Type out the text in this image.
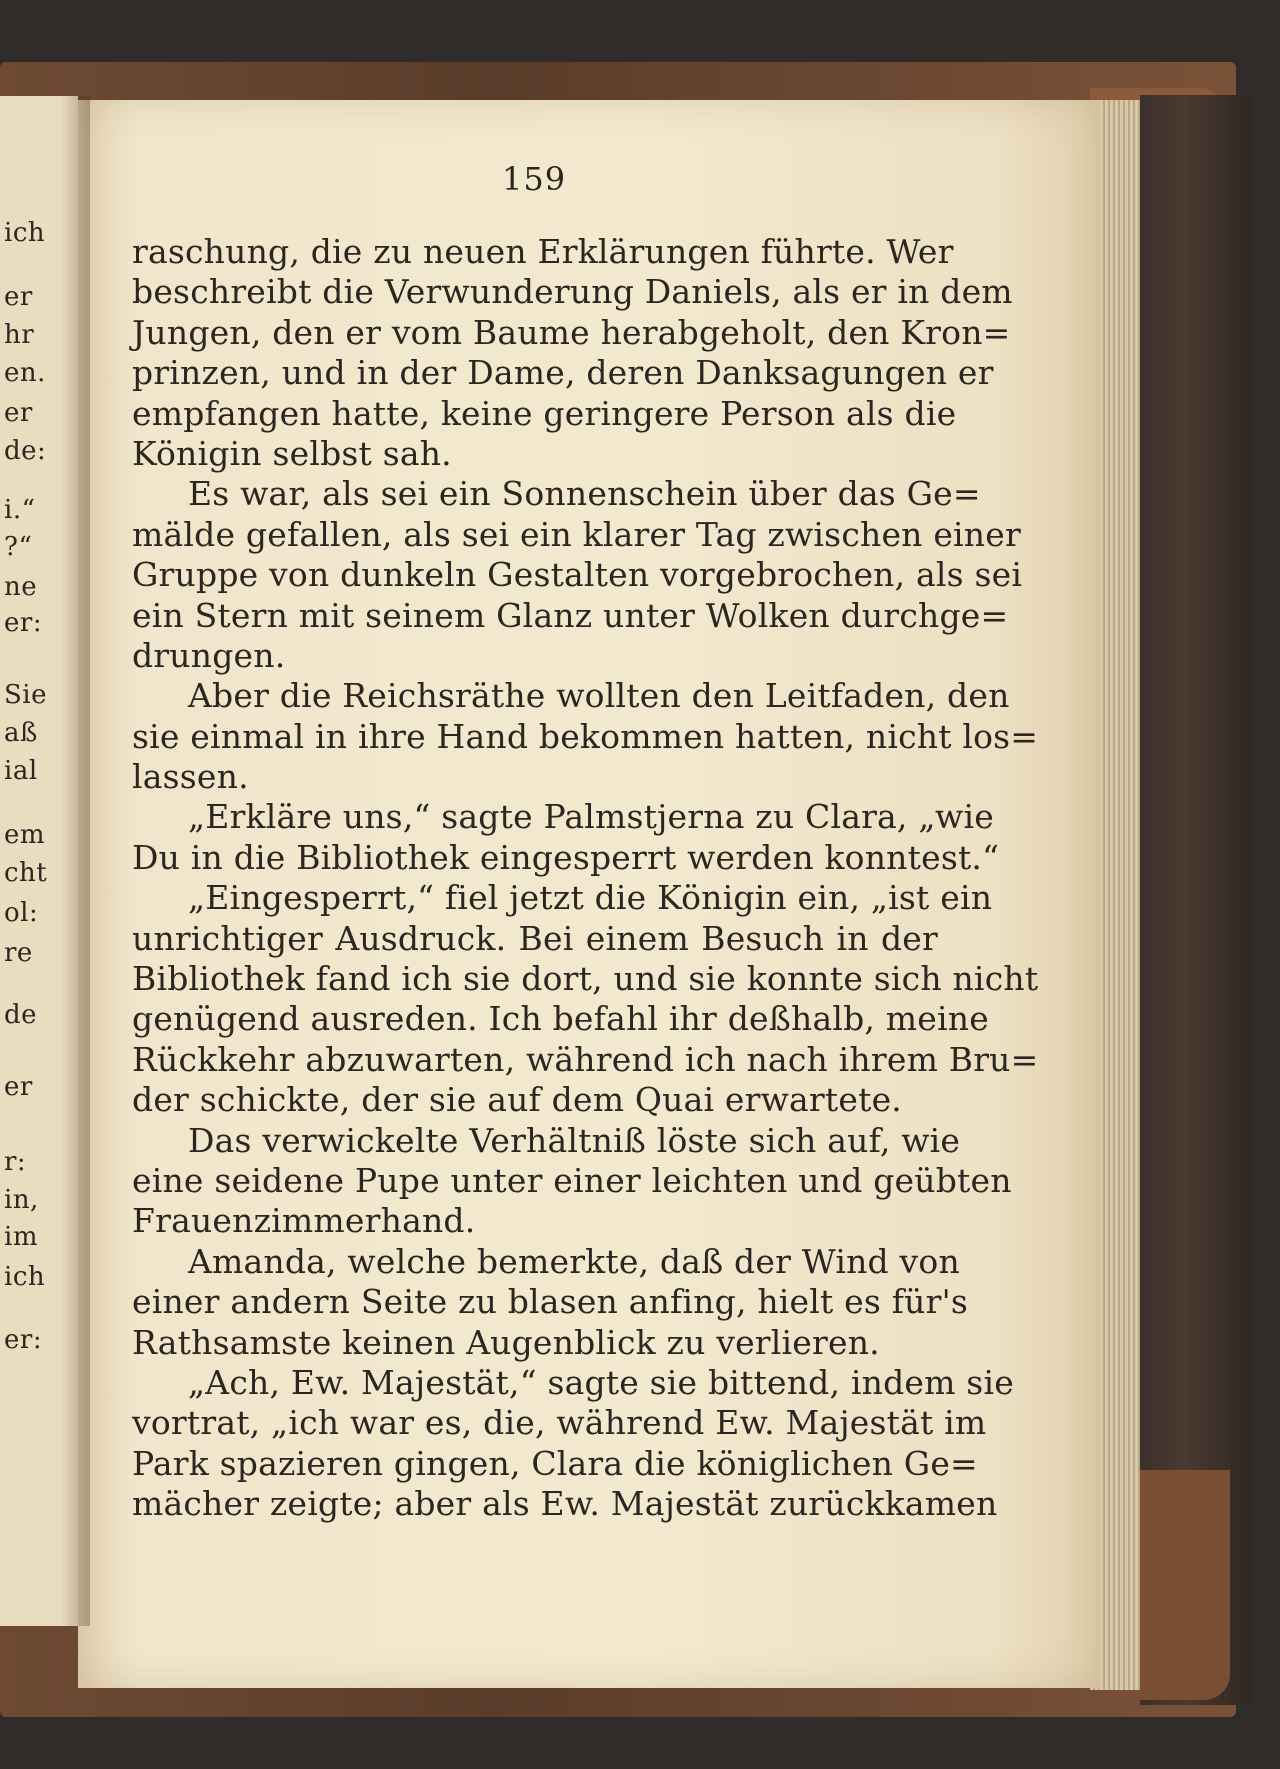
ich
er
hr
en.
er
de:
i.“
?“
ne
er:
Sie
aß
ial
em
cht
ol:
re
de
er
r:
in,
im
ich
er:
159
raschung, die zu neuen Erklärungen führte. Wer
beschreibt die Verwunderung Daniels, als er in dem
Jungen, den er vom Baume herabgeholt, den Kron=
prinzen, und in der Dame, deren Danksagungen er
empfangen hatte, keine geringere Person als die
Königin selbst sah.
Es war, als sei ein Sonnenschein über das Ge=
mälde gefallen, als sei ein klarer Tag zwischen einer
Gruppe von dunkeln Gestalten vorgebrochen, als sei
ein Stern mit seinem Glanz unter Wolken durchge=
drungen.
Aber die Reichsräthe wollten den Leitfaden, den
sie einmal in ihre Hand bekommen hatten, nicht los=
lassen.
„Erkläre uns,“ sagte Palmstjerna zu Clara, „wie
Du in die Bibliothek eingesperrt werden konntest.“
„Eingesperrt,“ fiel jetzt die Königin ein, „ist ein
unrichtiger Ausdruck. Bei einem Besuch in der
Bibliothek fand ich sie dort, und sie konnte sich nicht
genügend ausreden. Ich befahl ihr deßhalb, meine
Rückkehr abzuwarten, während ich nach ihrem Bru=
der schickte, der sie auf dem Quai erwartete.
Das verwickelte Verhältniß löste sich auf, wie
eine seidene Pupe unter einer leichten und geübten
Frauenzimmerhand.
Amanda, welche bemerkte, daß der Wind von
einer andern Seite zu blasen anfing, hielt es für's
Rathsamste keinen Augenblick zu verlieren.
„Ach, Ew. Majestät,“ sagte sie bittend, indem sie
vortrat, „ich war es, die, während Ew. Majestät im
Park spazieren gingen, Clara die königlichen Ge=
mächer zeigte; aber als Ew. Majestät zurückkamen
